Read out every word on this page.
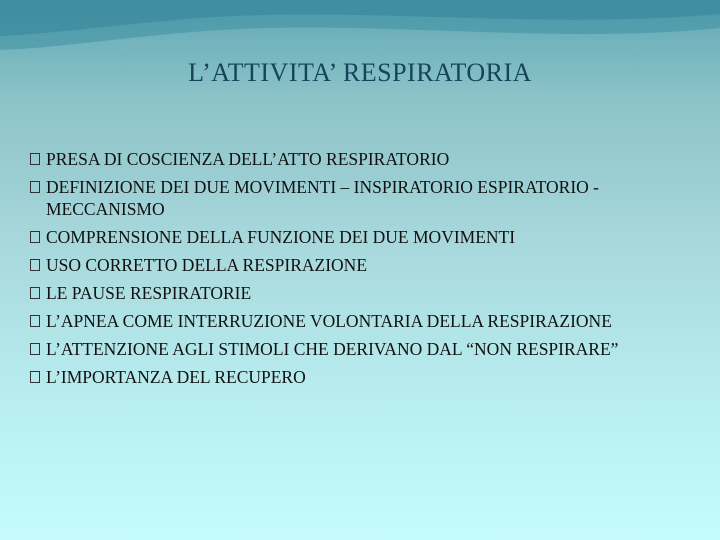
L’ATTIVITA’ RESPIRATORIA
PRESA DI COSCIENZA DELL’ATTO RESPIRATORIO
DEFINIZIONE DEI DUE MOVIMENTI – INSPIRATORIO ESPIRATORIO - MECCANISMO
COMPRENSIONE DELLA FUNZIONE DEI DUE MOVIMENTI
USO CORRETTO DELLA RESPIRAZIONE
LE PAUSE RESPIRATORIE
L’APNEA COME INTERRUZIONE VOLONTARIA DELLA RESPIRAZIONE
L’ATTENZIONE AGLI STIMOLI CHE DERIVANO DAL “NON RESPIRARE”
L’IMPORTANZA DEL RECUPERO
